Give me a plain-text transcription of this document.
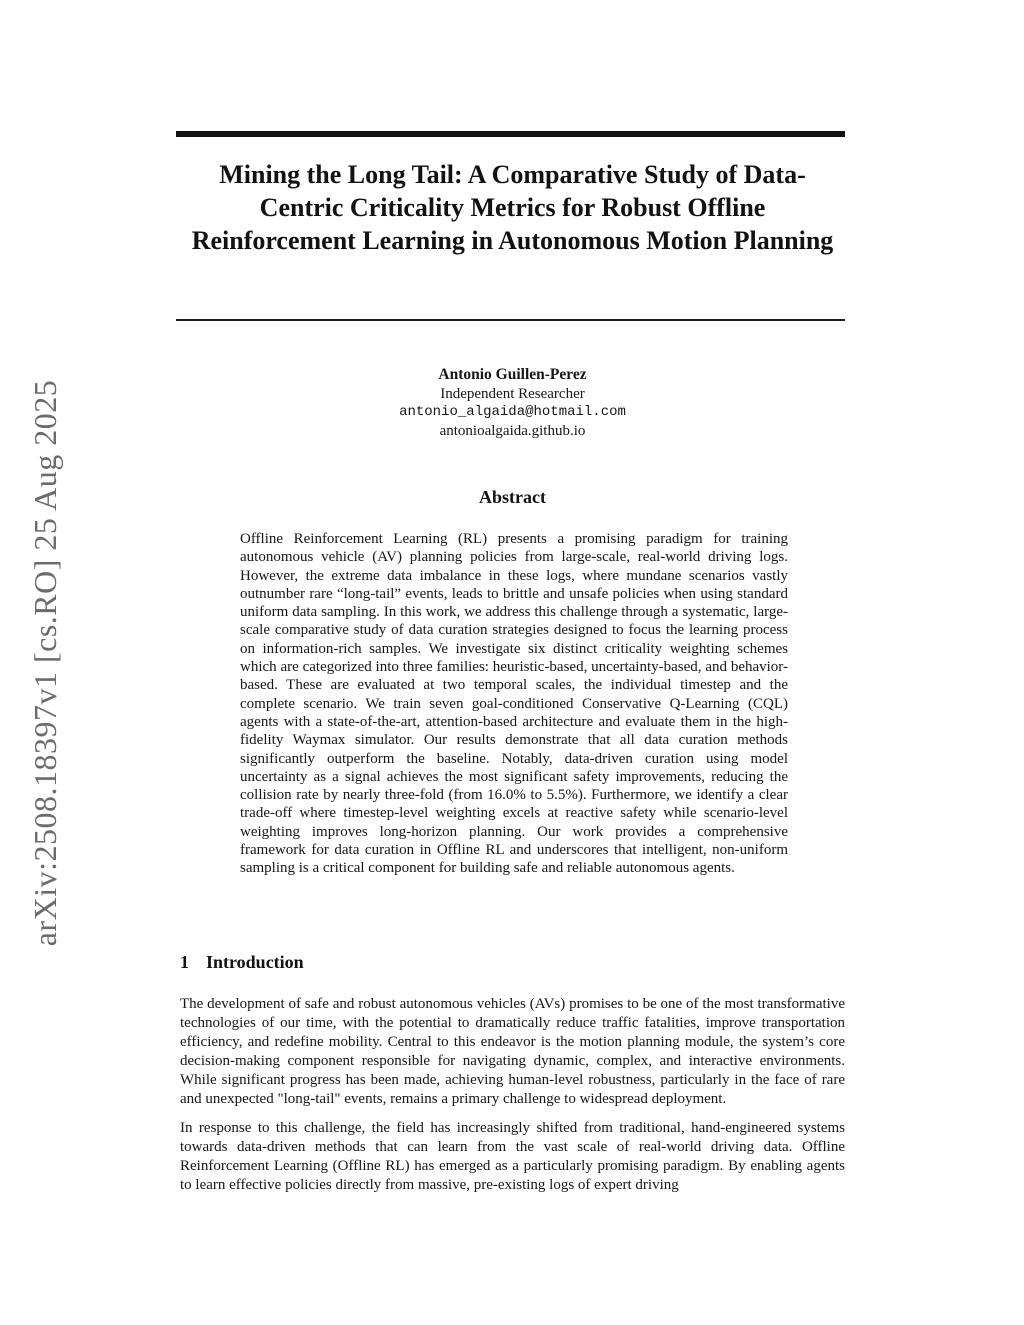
arXiv:2508.18397v1 [cs.RO] 25 Aug 2025
Mining the Long Tail: A Comparative Study of Data-Centric Criticality Metrics for Robust Offline Reinforcement Learning in Autonomous Motion Planning
Antonio Guillen-Perez
Independent Researcher
antonio_algaida@hotmail.com
antonioalgaida.github.io
Abstract
Offline Reinforcement Learning (RL) presents a promising paradigm for training autonomous vehicle (AV) planning policies from large-scale, real-world driving logs. However, the extreme data imbalance in these logs, where mundane scenarios vastly outnumber rare “long-tail” events, leads to brittle and unsafe policies when using standard uniform data sampling. In this work, we address this challenge through a systematic, large-scale comparative study of data curation strategies designed to focus the learning process on information-rich samples. We investigate six distinct criticality weighting schemes which are categorized into three families: heuristic-based, uncertainty-based, and behavior-based. These are evaluated at two temporal scales, the individual timestep and the complete scenario. We train seven goal-conditioned Conservative Q-Learning (CQL) agents with a state-of-the-art, attention-based architecture and evaluate them in the high-fidelity Waymax simulator. Our results demonstrate that all data curation methods significantly outperform the baseline. Notably, data-driven curation using model uncertainty as a signal achieves the most significant safety improvements, reducing the collision rate by nearly three-fold (from 16.0% to 5.5%). Furthermore, we identify a clear trade-off where timestep-level weighting excels at reactive safety while scenario-level weighting improves long-horizon planning. Our work provides a comprehensive framework for data curation in Offline RL and underscores that intelligent, non-uniform sampling is a critical component for building safe and reliable autonomous agents.
1 Introduction

The development of safe and robust autonomous vehicles (AVs) promises to be one of the most transformative technologies of our time, with the potential to dramatically reduce traffic fatalities, improve transportation efficiency, and redefine mobility. Central to this endeavor is the motion planning module, the system’s core decision-making component responsible for navigating dynamic, complex, and interactive environments. While significant progress has been made, achieving human-level robustness, particularly in the face of rare and unexpected "long-tail" events, remains a primary challenge to widespread deployment.

In response to this challenge, the field has increasingly shifted from traditional, hand-engineered systems towards data-driven methods that can learn from the vast scale of real-world driving data. Offline Reinforcement Learning (Offline RL) has emerged as a particularly promising paradigm. By enabling agents to learn effective policies directly from massive, pre-existing logs of expert driving
